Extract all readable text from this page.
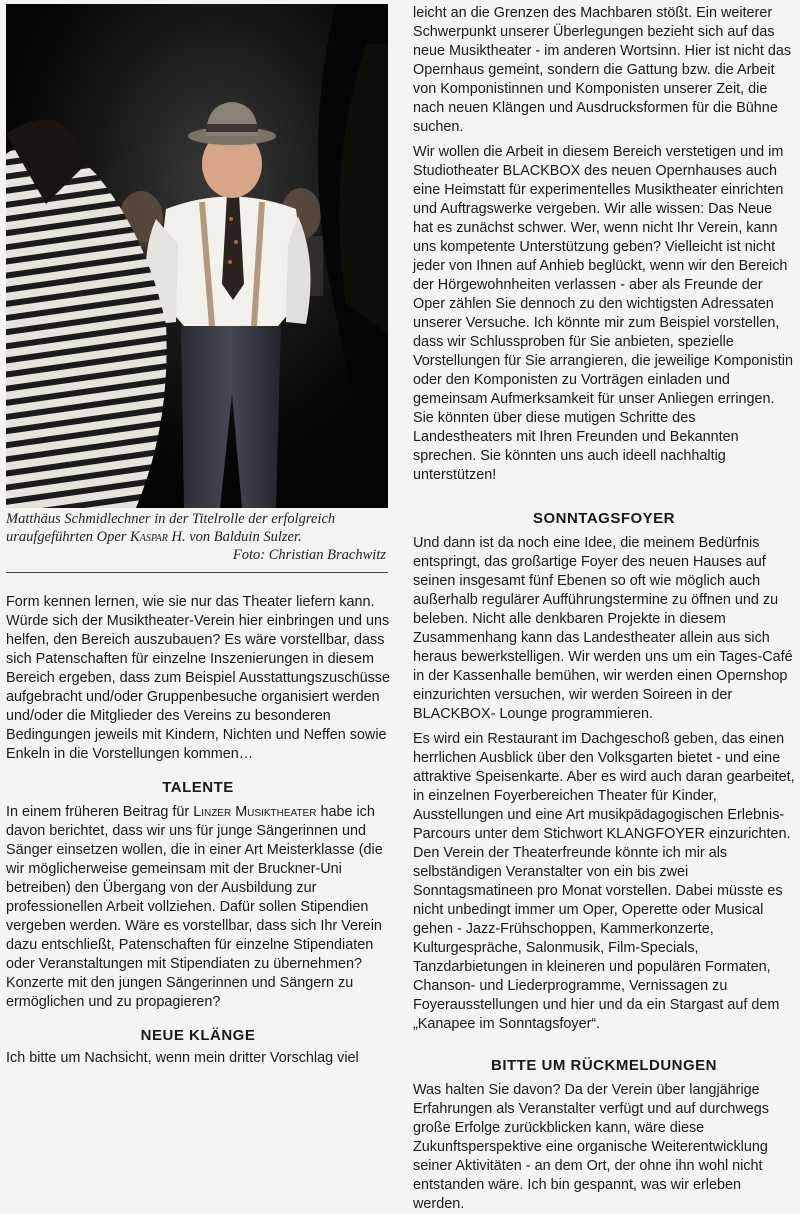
Matthäus Schmidlechner in der Titelrolle der erfolgreich uraufgeführten Oper Kaspar H. von Balduin Sulzer.
Foto: Christian Brachwitz

Form kennen lernen, wie sie nur das Theater liefern kann. Würde sich der Musiktheater-Verein hier einbringen und uns helfen, den Bereich auszubauen? Es wäre vorstellbar, dass sich Patenschaften für einzelne Inszenierungen in diesem Bereich ergeben, dass zum Beispiel Ausstattungszuschüsse aufgebracht und/oder Gruppenbesuche organisiert werden und/oder die Mitglieder des Vereins zu besonderen Bedingungen jeweils mit Kindern, Nichten und Neffen sowie Enkeln in die Vorstellungen kommen…

TALENTE

In einem früheren Beitrag für Linzer Musiktheater habe ich davon berichtet, dass wir uns für junge Sängerinnen und Sänger einsetzen wollen, die in einer Art Meisterklasse (die wir möglicherweise gemeinsam mit der Bruckner-Uni betreiben) den Übergang von der Ausbildung zur professionellen Arbeit vollziehen. Dafür sollen Stipendien vergeben werden. Wäre es vorstellbar, dass sich Ihr Verein dazu entschließt, Patenschaften für einzelne Stipendiaten oder Veranstaltungen mit Stipendiaten zu übernehmen? Konzerte mit den jungen Sängerinnen und Sängern zu ermöglichen und zu propagieren?

NEUE KLÄNGE

Ich bitte um Nachsicht, wenn mein dritter Vorschlag viel

leicht an die Grenzen des Machbaren stößt. Ein weiterer Schwerpunkt unserer Überlegungen bezieht sich auf das neue Musiktheater - im anderen Wortsinn. Hier ist nicht das Opernhaus gemeint, sondern die Gattung bzw. die Arbeit von Komponistinnen und Komponisten unserer Zeit, die nach neuen Klängen und Ausdrucksformen für die Bühne suchen.

Wir wollen die Arbeit in diesem Bereich verstetigen und im Studiotheater BLACKBOX des neuen Opernhauses auch eine Heimstatt für experimentelles Musiktheater einrichten und Auftragswerke vergeben. Wir alle wissen: Das Neue hat es zunächst schwer. Wer, wenn nicht Ihr Verein, kann uns kompetente Unterstützung geben? Vielleicht ist nicht jeder von Ihnen auf Anhieb beglückt, wenn wir den Bereich der Hörgewohnheiten verlassen - aber als Freunde der Oper zählen Sie dennoch zu den wichtigsten Adressaten unserer Versuche. Ich könnte mir zum Beispiel vorstellen, dass wir Schlussproben für Sie anbieten, spezielle Vorstellungen für Sie arrangieren, die jeweilige Komponistin oder den Komponisten zu Vorträgen einladen und gemeinsam Aufmerksamkeit für unser Anliegen erringen. Sie könnten über diese mutigen Schritte des Landestheaters mit Ihren Freunden und Bekannten sprechen. Sie könnten uns auch ideell nachhaltig unterstützen!

SONNTAGSFOYER

Und dann ist da noch eine Idee, die meinem Bedürfnis entspringt, das großartige Foyer des neuen Hauses auf seinen insgesamt fünf Ebenen so oft wie möglich auch außerhalb regulärer Aufführungstermine zu öffnen und zu beleben. Nicht alle denkbaren Projekte in diesem Zusammenhang kann das Landestheater allein aus sich heraus bewerkstelligen. Wir werden uns um ein Tages-Café in der Kassenhalle bemühen, wir werden einen Opernshop einzurichten versuchen, wir werden Soireen in der BLACKBOX- Lounge programmieren.

Es wird ein Restaurant im Dachgeschoß geben, das einen herrlichen Ausblick über den Volksgarten bietet - und eine attraktive Speisenkarte. Aber es wird auch daran gearbeitet, in einzelnen Foyerbereichen Theater für Kinder, Ausstellungen und eine Art musikpädagogischen Erlebnis-Parcours unter dem Stichwort KLANGFOYER einzurichten. Den Verein der Theaterfreunde könnte ich mir als selbständigen Veranstalter von ein bis zwei Sonntagsmatineen pro Monat vorstellen. Dabei müsste es nicht unbedingt immer um Oper, Operette oder Musical gehen - Jazz-Frühschoppen, Kammerkonzerte, Kulturgespräche, Salonmusik, Film-Specials, Tanzdarbietungen in kleineren und populären Formaten, Chanson- und Liederprogramme, Vernissagen zu Foyerausstellungen und hier und da ein Stargast auf dem „Kanapee im Sonntagsfoyer“.

BITTE UM RÜCKMELDUNGEN

Was halten Sie davon? Da der Verein über langjährige Erfahrungen als Veranstalter verfügt und auf durchwegs große Erfolge zurückblicken kann, wäre diese Zukunftsperspektive eine organische Weiterentwicklung seiner Aktivitäten - an dem Ort, der ohne ihn wohl nicht entstanden wäre. Ich bin gespannt, was wir erleben werden.
